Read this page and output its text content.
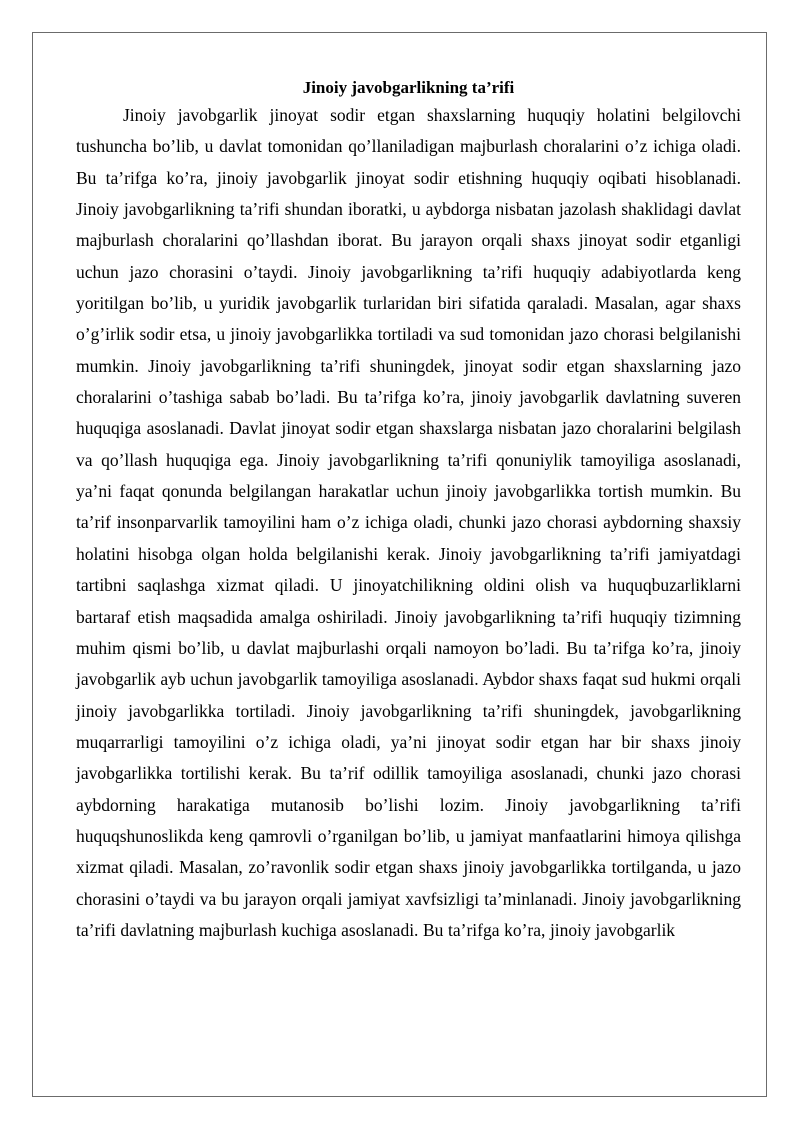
Jinoiy javobgarlikning ta’rifi

Jinoiy javobgarlik jinoyat sodir etgan shaxslarning huquqiy holatini belgilovchi tushuncha bo’lib, u davlat tomonidan qo’llaniladigan majburlash choralarini o’z ichiga oladi. Bu ta’rifga ko’ra, jinoiy javobgarlik jinoyat sodir etishning huquqiy oqibati hisoblanadi. Jinoiy javobgarlikning ta’rifi shundan iboratki, u aybdorga nisbatan jazolash shaklidagi davlat majburlash choralarini qo’llashdan iborat. Bu jarayon orqali shaxs jinoyat sodir etganligi uchun jazo chorasini o’taydi. Jinoiy javobgarlikning ta’rifi huquqiy adabiyotlarda keng yoritilgan bo’lib, u yuridik javobgarlik turlaridan biri sifatida qaraladi. Masalan, agar shaxs o’g’irlik sodir etsa, u jinoiy javobgarlikka tortiladi va sud tomonidan jazo chorasi belgilanishi mumkin. Jinoiy javobgarlikning ta’rifi shuningdek, jinoyat sodir etgan shaxslarning jazo choralarini o’tashiga sabab bo’ladi. Bu ta’rifga ko’ra, jinoiy javobgarlik davlatning suveren huquqiga asoslanadi. Davlat jinoyat sodir etgan shaxslarga nisbatan jazo choralarini belgilash va qo’llash huquqiga ega. Jinoiy javobgarlikning ta’rifi qonuniylik tamoyiliga asoslanadi, ya’ni faqat qonunda belgilangan harakatlar uchun jinoiy javobgarlikka tortish mumkin. Bu ta’rif insonparvarlik tamoyilini ham o’z ichiga oladi, chunki jazo chorasi aybdorning shaxsiy holatini hisobga olgan holda belgilanishi kerak. Jinoiy javobgarlikning ta’rifi jamiyatdagi tartibni saqlashga xizmat qiladi. U jinoyatchilikning oldini olish va huquqbuzarliklarni bartaraf etish maqsadida amalga oshiriladi. Jinoiy javobgarlikning ta’rifi huquqiy tizimning muhim qismi bo’lib, u davlat majburlashi orqali namoyon bo’ladi. Bu ta’rifga ko’ra, jinoiy javobgarlik ayb uchun javobgarlik tamoyiliga asoslanadi. Aybdor shaxs faqat sud hukmi orqali jinoiy javobgarlikka tortiladi. Jinoiy javobgarlikning ta’rifi shuningdek, javobgarlikning muqarrarligi tamoyilini o’z ichiga oladi, ya’ni jinoyat sodir etgan har bir shaxs jinoiy javobgarlikka tortilishi kerak. Bu ta’rif odillik tamoyiliga asoslanadi, chunki jazo chorasi aybdorning harakatiga mutanosib bo’lishi lozim. Jinoiy javobgarlikning ta’rifi huquqshunoslikda keng qamrovli o’rganilgan bo’lib, u jamiyat manfaatlarini himoya qilishga xizmat qiladi. Masalan, zo’ravonlik sodir etgan shaxs jinoiy javobgarlikka tortilganda, u jazo chorasini o’taydi va bu jarayon orqali jamiyat xavfsizligi ta’minlanadi. Jinoiy javobgarlikning ta’rifi davlatning majburlash kuchiga asoslanadi. Bu ta’rifga ko’ra, jinoiy javobgarlik
